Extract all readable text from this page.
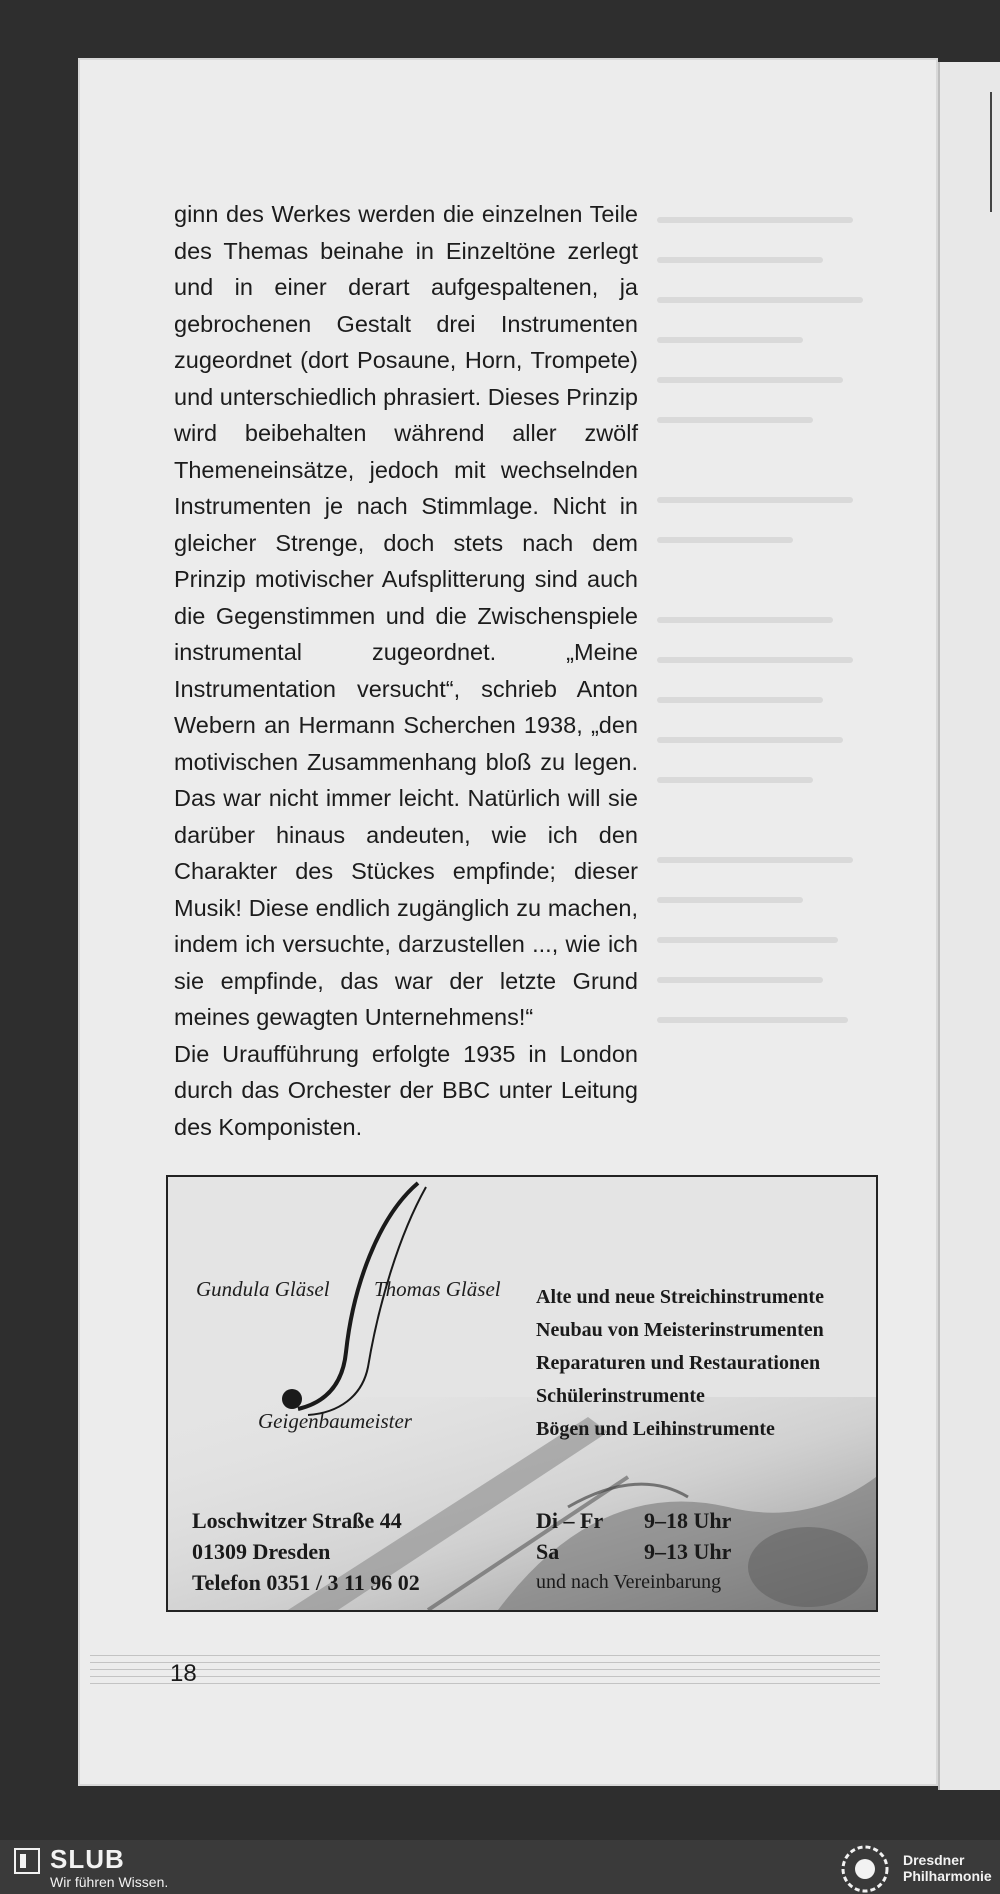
ginn des Werkes werden die einzelnen Teile des Themas beinahe in Einzeltöne zerlegt und in einer derart aufgespaltenen, ja gebrochenen Gestalt drei Instrumenten zugeordnet (dort Posaune, Horn, Trompete) und unterschiedlich phrasiert. Dieses Prinzip wird beibehalten während aller zwölf Themeneinsätze, jedoch mit wechselnden Instrumenten je nach Stimmlage. Nicht in gleicher Strenge, doch stets nach dem Prinzip motivischer Aufsplitterung sind auch die Gegenstimmen und die Zwischenspiele instrumental zugeordnet. „Meine Instrumentation versucht“, schrieb Anton Webern an Hermann Scherchen 1938, „den motivischen Zusammenhang bloß zu legen. Das war nicht immer leicht. Natürlich will sie darüber hinaus andeuten, wie ich den Charakter des Stückes empfinde; dieser Musik! Diese endlich zugänglich zu machen, indem ich versuchte, darzustellen ..., wie ich sie empfinde, das war der letzte Grund meines gewagten Unternehmens!“

Die Uraufführung erfolgte 1935 in London durch das Orchester der BBC unter Leitung des Komponisten.

Gundula Gläsel Thomas Gläsel
Geigenbaumeister
Alte und neue Streichinstrumente
Neubau von Meisterinstrumenten
Reparaturen und Restaurationen
Schülerinstrumente
Bögen und Leihinstrumente
Loschwitzer Straße 44
01309 Dresden
Telefon 0351 / 3 11 96 02
Di – Fr	9–18 Uhr
Sa	9–13 Uhr
und nach Vereinbarung
18
SLUB
Wir führen Wissen.
Dresdner
Philharmonie
